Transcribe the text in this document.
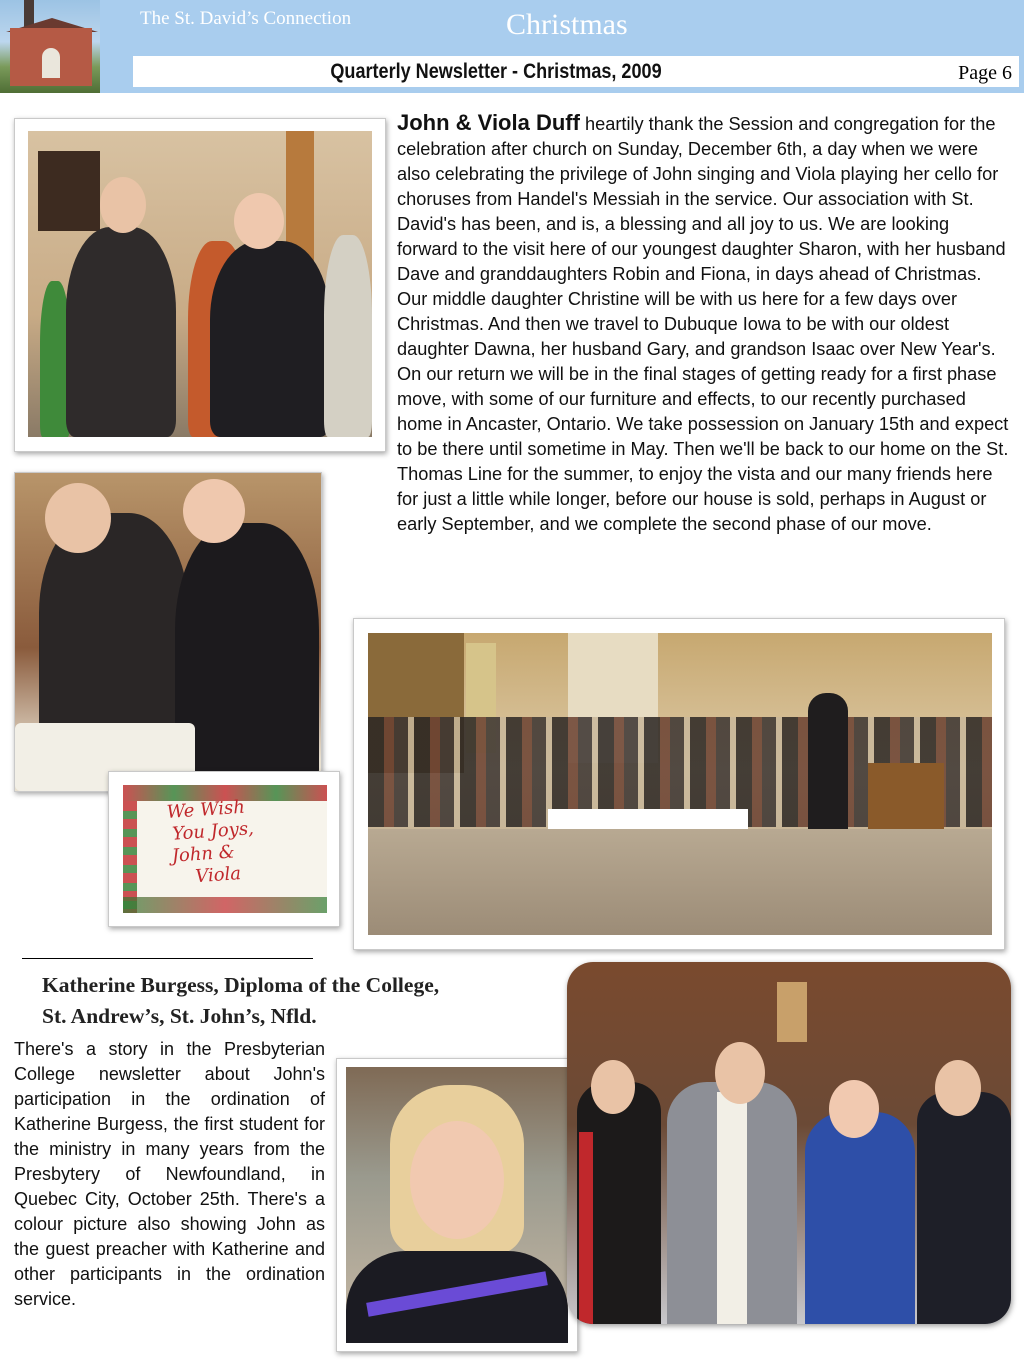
The St. David’s Connection	Christmas
Quarterly Newsletter - Christmas, 2009	Page 6
We Wish
You Joys,
John &
Viola
John & Viola Duff heartily thank the Session and congregation for the celebration after church on Sunday, December 6th, a day when we were also celebrating the privilege of John singing and Viola playing her cello for choruses from Handel's Messiah in the service. Our association with St. David's has been, and is, a blessing and all joy to us. We are looking forward to the visit here of our youngest daughter Sharon, with her husband Dave and granddaughters Robin and Fiona, in days ahead of Christmas. Our middle daughter Christine will be with us here for a few days over Christmas. And then we travel to Dubuque Iowa to be with our oldest daughter Dawna, her husband Gary, and grandson Isaac over New Year's. On our return we will be in the final stages of getting ready for a first phase move, with some of our furniture and effects, to our recently purchased home in Ancaster, Ontario. We take possession on January 15th and expect to be there until sometime in May. Then we'll be back to our home on the St. Thomas Line for the summer, to enjoy the vista and our many friends here for just a little while longer, before our house is sold, perhaps in August or early September, and we complete the second phase of our move.
Katherine Burgess, Diploma of the College,
St. Andrew’s, St. John’s, Nfld.
There's a story in the Presbyterian College newsletter about John's participation in the ordination of Katherine Burgess, the first student for the ministry in many years from the Presbytery of Newfoundland, in Quebec City, October 25th. There's a colour picture also showing John as the guest preacher with Katherine and other participants in the ordination service.
